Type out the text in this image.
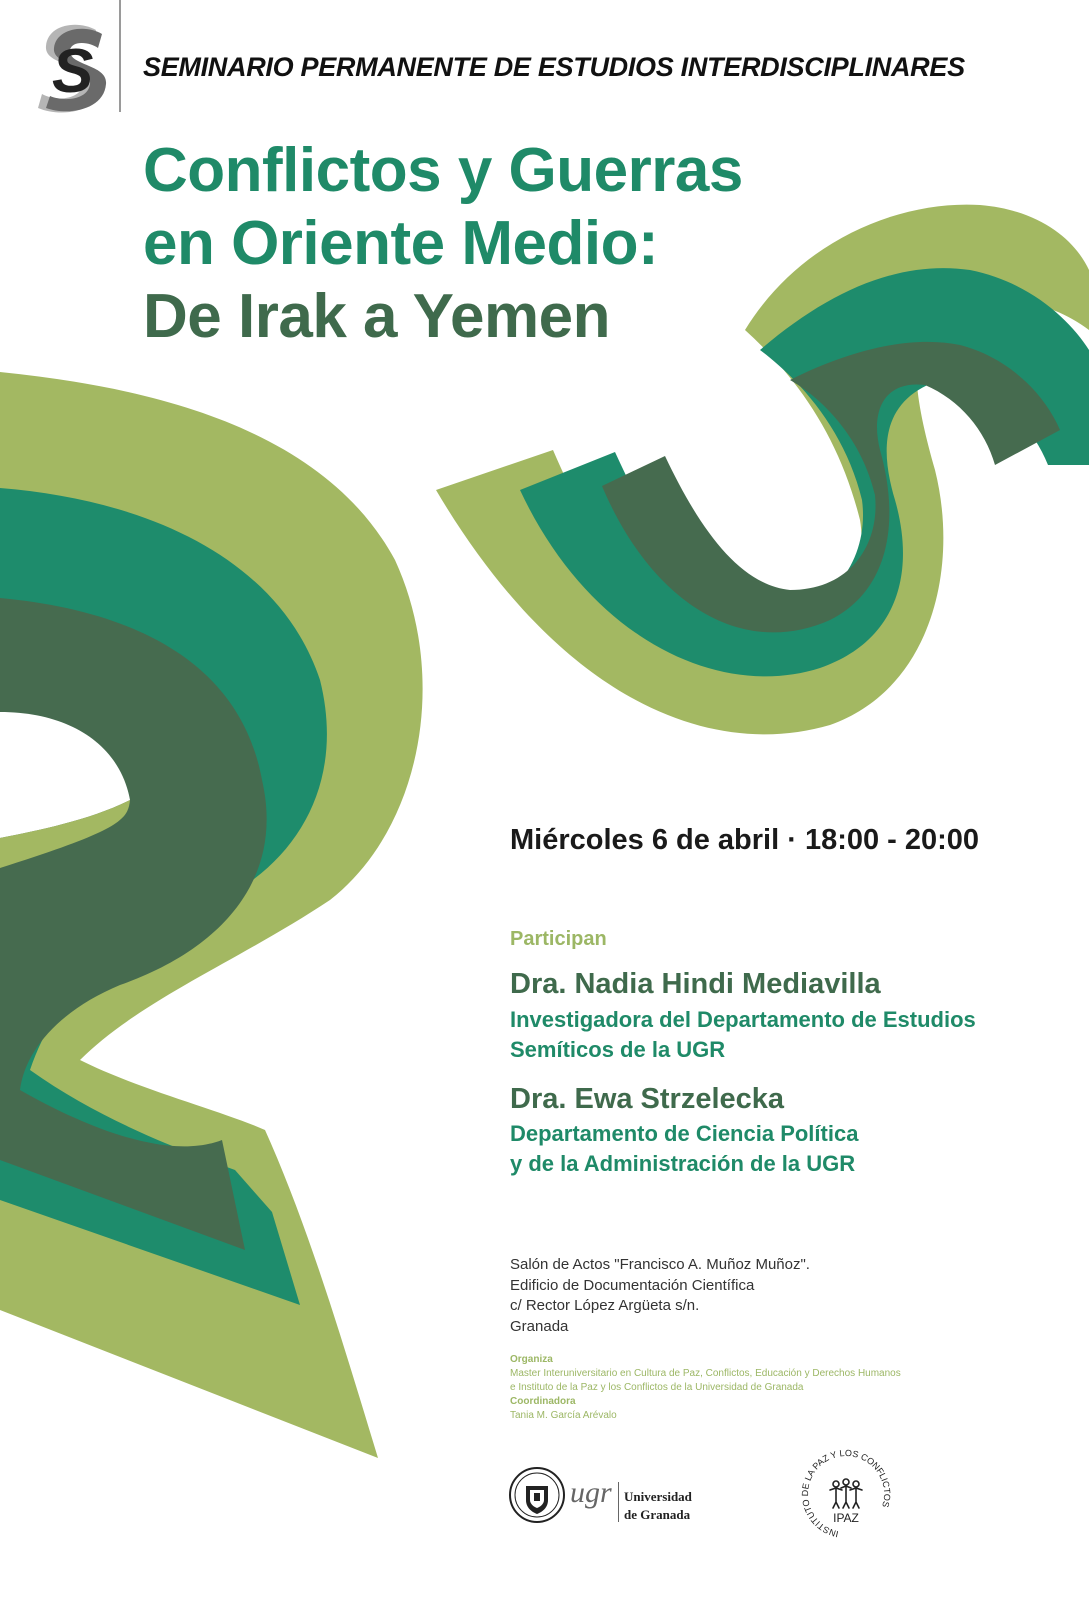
S SEMINARIO PERMANENTE DE ESTUDIOS INTERDISCIPLINARES
Conflictos y Guerras
en Oriente Medio:
De Irak a Yemen
Miércoles 6 de abril · 18:00 - 20:00
Participan
Dra. Nadia Hindi Mediavilla
Investigadora del Departamento de Estudios
Semíticos de la UGR
Dra. Ewa Strzelecka
Departamento de Ciencia Política
y de la Administración de la UGR
Salón de Actos "Francisco A. Muñoz Muñoz".
Edificio de Documentación Científica
c/ Rector López Argüeta s/n.
Granada
Organiza
Master Interuniversitario en Cultura de Paz, Conflictos, Educación y Derechos Humanos
e Instituto de la Paz y los Conflictos de la Universidad de Granada
Coordinadora
Tania M. García Arévalo
ugr Universidad
de Granada
INSTITUTO DE LA PAZ Y LOS CONFLICTOS
IPAZ
